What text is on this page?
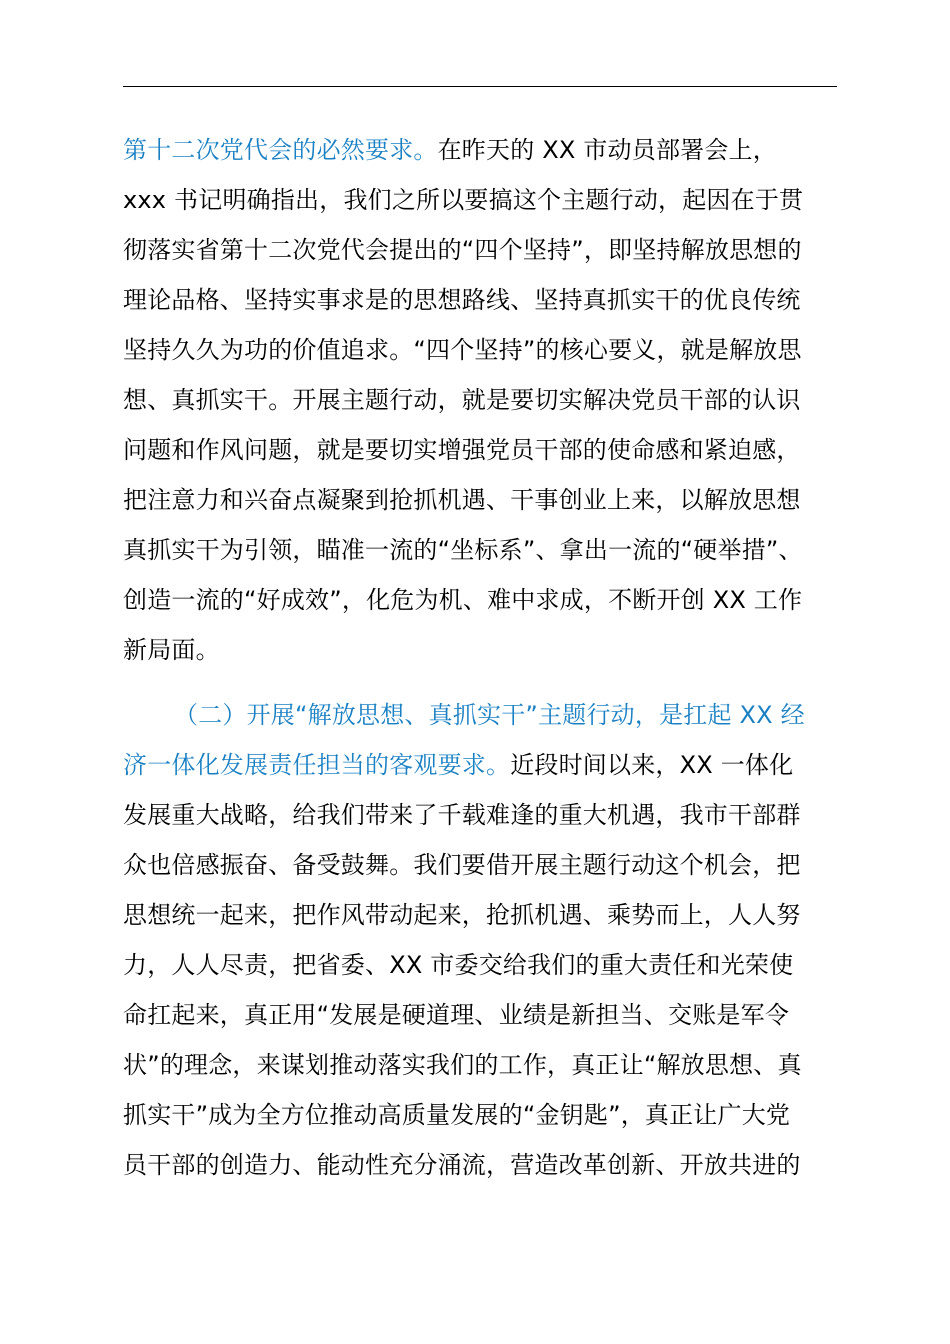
第十二次党代会的必然要求。在昨天的 XX 市动员部署会上，
xxx 书记明确指出，我们之所以要搞这个主题行动，起因在于贯
彻落实省第十二次党代会提出的“四个坚持”，即坚持解放思想的
理论品格、坚持实事求是的思想路线、坚持真抓实干的优良传统
坚持久久为功的价值追求。“四个坚持”的核心要义，就是解放思
想、真抓实干。开展主题行动，就是要切实解决党员干部的认识
问题和作风问题，就是要切实增强党员干部的使命感和紧迫感，
把注意力和兴奋点凝聚到抢抓机遇、干事创业上来，以解放思想
真抓实干为引领，瞄准一流的“坐标系”、拿出一流的“硬举措”、
创造一流的“好成效”，化危为机、难中求成，不断开创 XX 工作
新局面。
（二）开展“解放思想、真抓实干”主题行动，是扛起 XX 经
济一体化发展责任担当的客观要求。近段时间以来，XX 一体化
发展重大战略，给我们带来了千载难逢的重大机遇，我市干部群
众也倍感振奋、备受鼓舞。我们要借开展主题行动这个机会，把
思想统一起来，把作风带动起来，抢抓机遇、乘势而上，人人努
力，人人尽责，把省委、XX 市委交给我们的重大责任和光荣使
命扛起来，真正用“发展是硬道理、业绩是新担当、交账是军令
状”的理念，来谋划推动落实我们的工作，真正让“解放思想、真
抓实干”成为全方位推动高质量发展的“金钥匙”，真正让广大党
员干部的创造力、能动性充分涌流，营造改革创新、开放共进的
